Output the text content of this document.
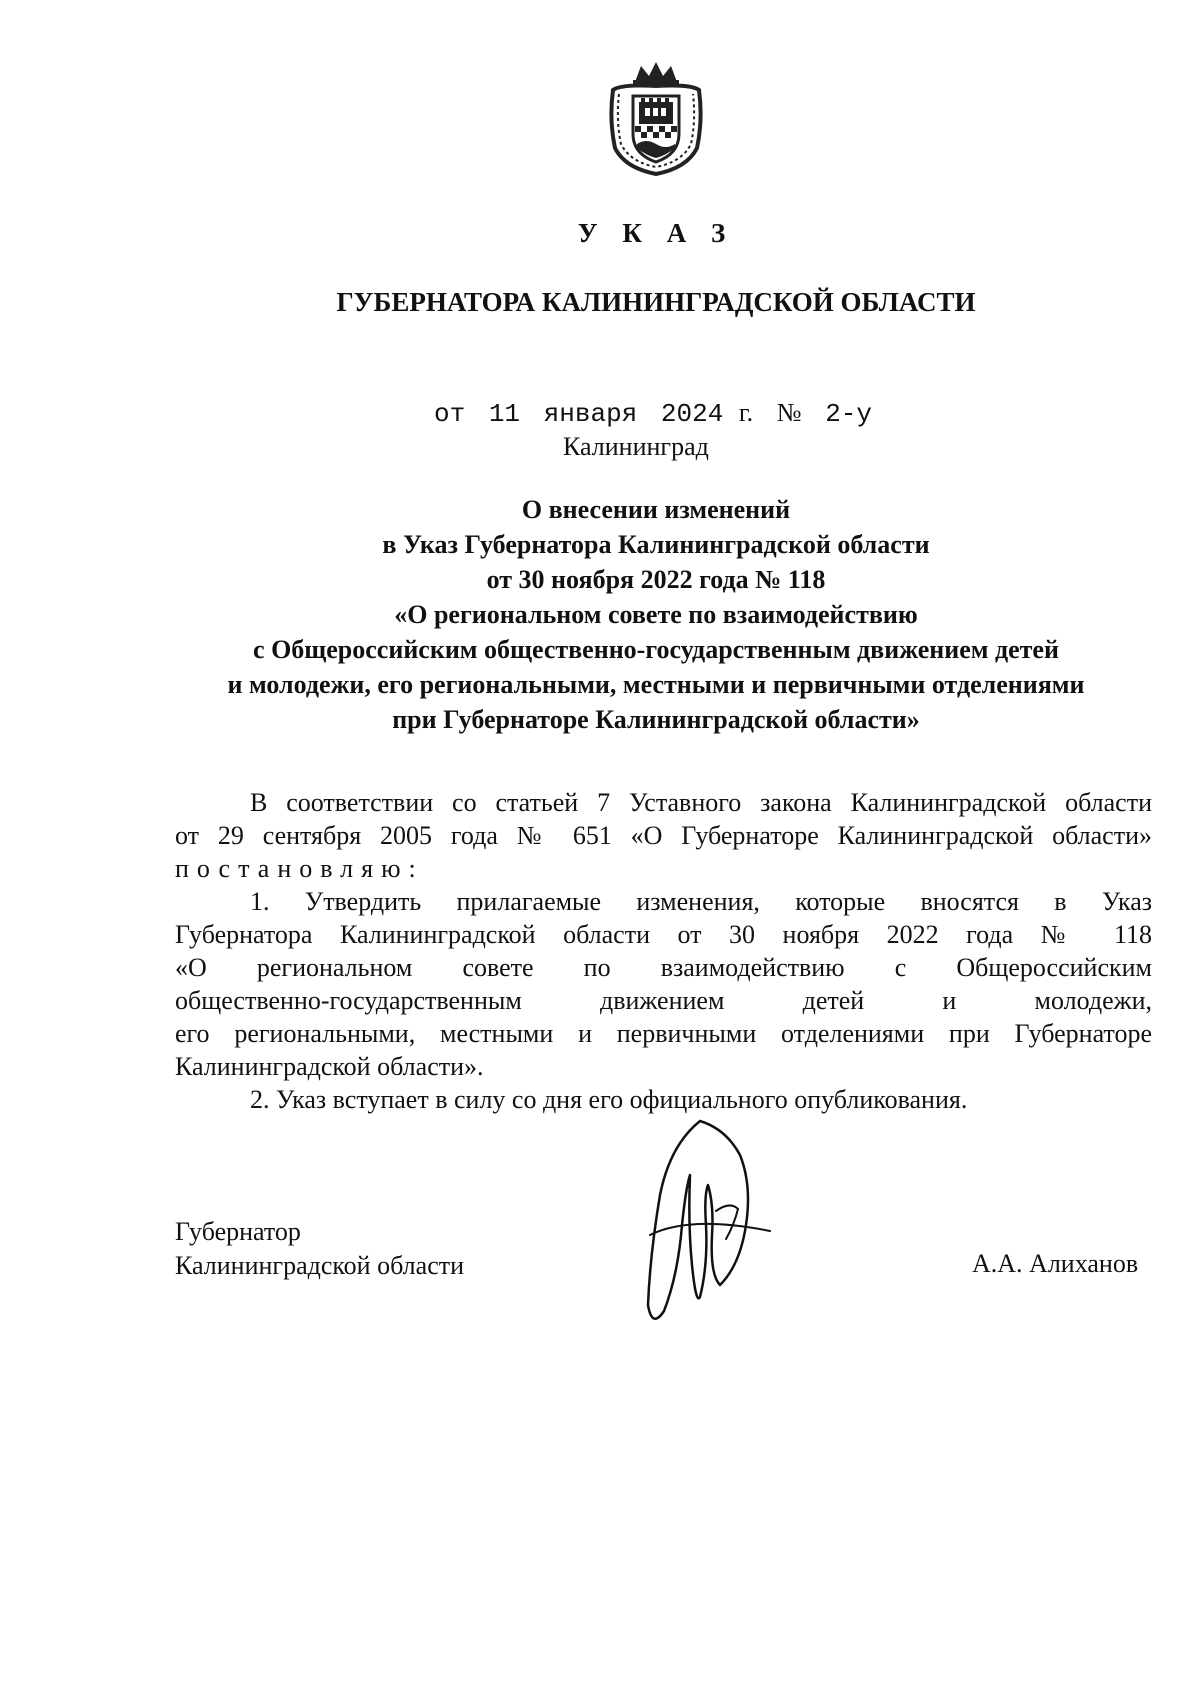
У К А З
ГУБЕРНАТОРА КАЛИНИНГРАДСКОЙ ОБЛАСТИ
от 11 января 2024 г. № 2-у
Калининград
О внесении изменений
в Указ Губернатора Калининградской области
от 30 ноября 2022 года № 118
«О региональном совете по взаимодействию
с Общероссийским общественно-государственным движением детей
и молодежи, его региональными, местными и первичными отделениями
при Губернаторе Калининградской области»
В соответствии со статьей 7 Уставного закона Калининградской области
от 29 сентября 2005 года № 651 «О Губернаторе Калининградской области»
постановляю:
1. Утвердить прилагаемые изменения, которые вносятся в Указ
Губернатора Калининградской области от 30 ноября 2022 года № 118
«О региональном совете по взаимодействию с Общероссийским
общественно-государственным движением детей и молодежи,
его региональными, местными и первичными отделениями при Губернаторе
Калининградской области».
2. Указ вступает в силу со дня его официального опубликования.
Губернатор
Калининградской области	А.А. Алиханов
